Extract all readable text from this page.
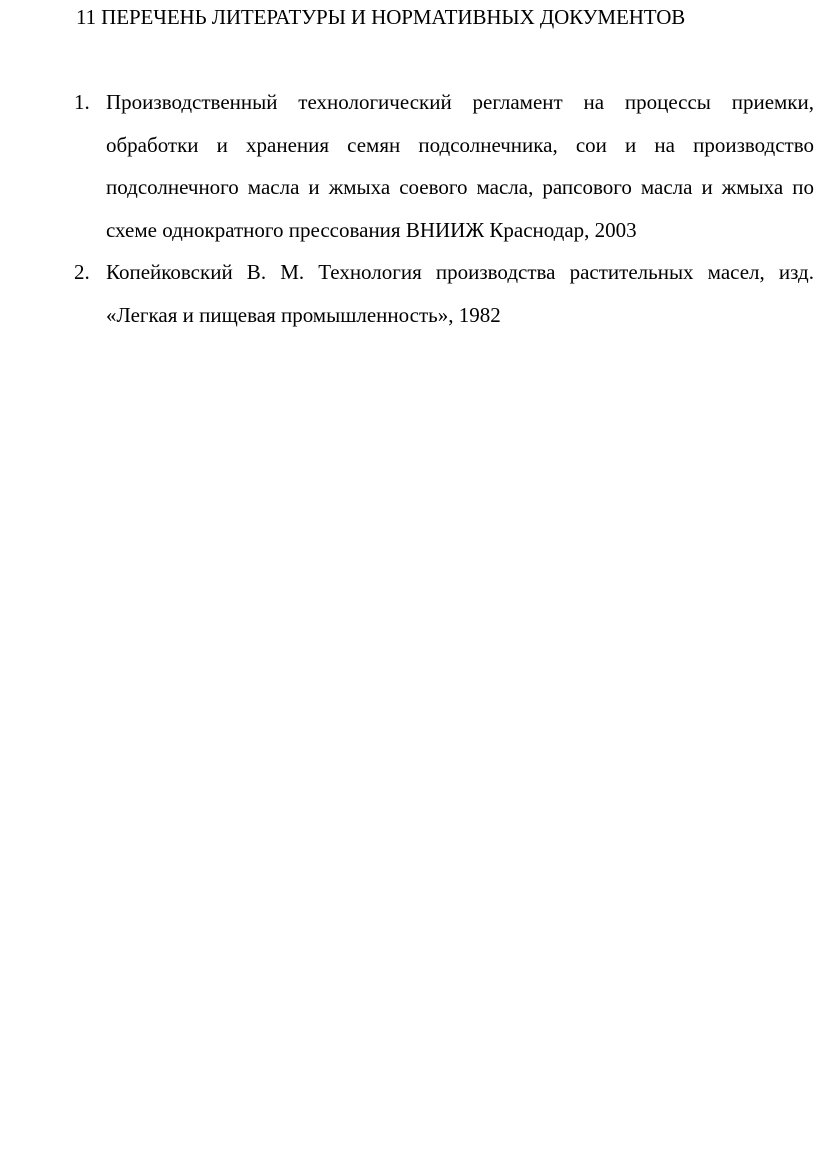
11 ПЕРЕЧЕНЬ ЛИТЕРАТУРЫ И НОРМАТИВНЫХ ДОКУМЕНТОВ
1. Производственный технологический регламент на процессы приемки, обработки и хранения семян подсолнечника, сои и на производство подсолнечного масла и жмыха соевого масла, рапсового масла и жмыха по схеме однократного прессования ВНИИЖ Краснодар, 2003
2. Копейковский В. М. Технология производства растительных масел, изд. «Легкая и пищевая промышленность», 1982
